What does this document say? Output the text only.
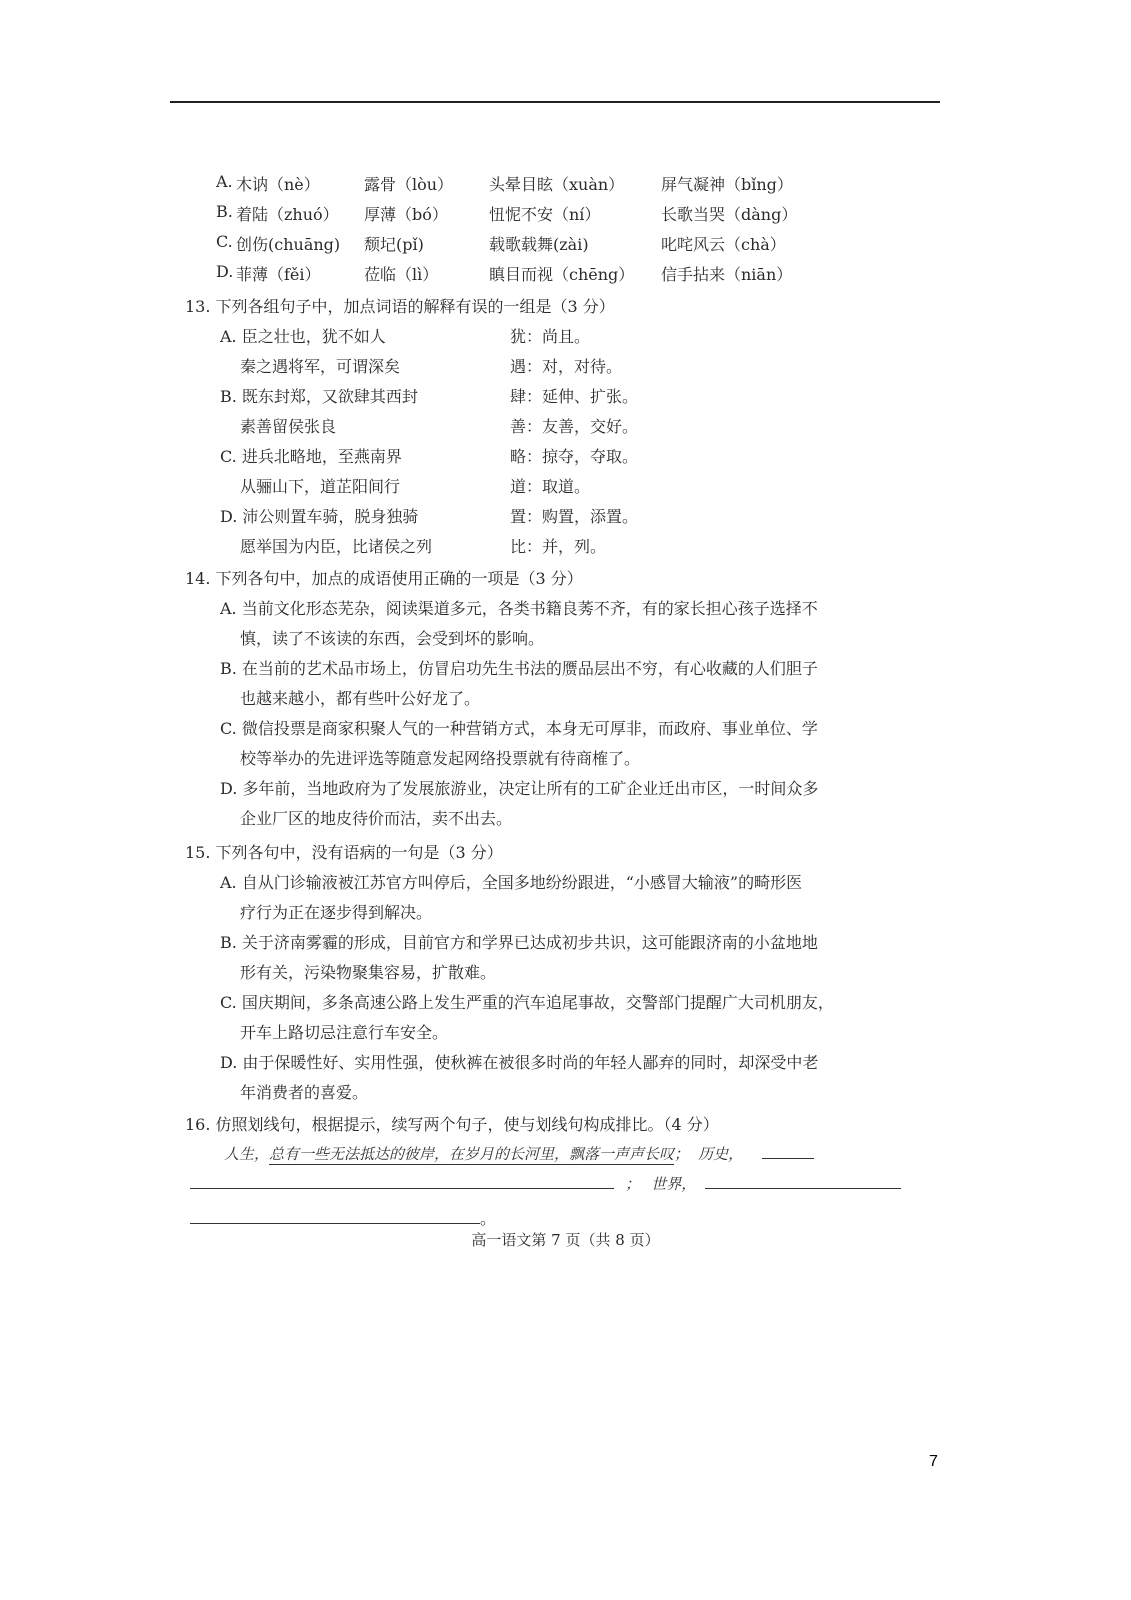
A. 木讷（nè）	露骨（lòu） 头晕目眩（xuàn） 屏气凝神（bǐng）
B. 着陆（zhuó） 厚薄（bó）	忸怩不安（ní）	长歌当哭（dàng）
C. 创伤(chuāng) 颓圮(pǐ)	载歌载舞(zài)	叱咤风云（chà）
D. 菲薄（fěi）	莅临（lì）	瞋目而视（chēng） 信手拈来（niān）
13. 下列各组句子中，加点词语的解释有误的一组是（3 分）
A. 臣之壮也，犹不如人	犹：尚且。
秦之遇将军，可谓深矣	遇：对，对待。
B. 既东封郑，又欲肆其西封	肆：延伸、扩张。
素善留侯张良	善：友善，交好。
C. 进兵北略地，至燕南界	略：掠夺，夺取。
从骊山下，道芷阳间行	道：取道。
D. 沛公则置车骑，脱身独骑	置：购置，添置。
愿举国为内臣，比诸侯之列	比：并，列。
14. 下列各句中，加点的成语使用正确的一项是（3 分）
A. 当前文化形态芜杂，阅读渠道多元，各类书籍良莠不齐，有的家长担心孩子选择不
慎，读了不该读的东西，会受到坏的影响。
B. 在当前的艺术品市场上，仿冒启功先生书法的赝品层出不穷，有心收藏的人们胆子
也越来越小，都有些叶公好龙了。
C. 微信投票是商家积聚人气的一种营销方式，本身无可厚非，而政府、事业单位、学
校等举办的先进评选等随意发起网络投票就有待商榷了。
D. 多年前，当地政府为了发展旅游业，决定让所有的工矿企业迁出市区，一时间众多
企业厂区的地皮待价而沽，卖不出去。
15. 下列各句中，没有语病的一句是（3 分）
A. 自从门诊输液被江苏官方叫停后，全国多地纷纷跟进，“小感冒大输液”的畸形医
疗行为正在逐步得到解决。
B. 关于济南雾霾的形成，目前官方和学界已达成初步共识，这可能跟济南的小盆地地
形有关，污染物聚集容易，扩散难。
C. 国庆期间，多条高速公路上发生严重的汽车追尾事故，交警部门提醒广大司机朋友，
开车上路切忌注意行车安全。
D. 由于保暖性好、实用性强，使秋裤在被很多时尚的年轻人鄙弃的同时，却深受中老
年消费者的喜爱。
16. 仿照划线句，根据提示，续写两个句子，使与划线句构成排比。（4 分）
人生，总有一些无法抵达的彼岸，在岁月的长河里，飘落一声声长叹； 历史，
； 世界，
。
高一语文第 7 页（共 8 页）
7
